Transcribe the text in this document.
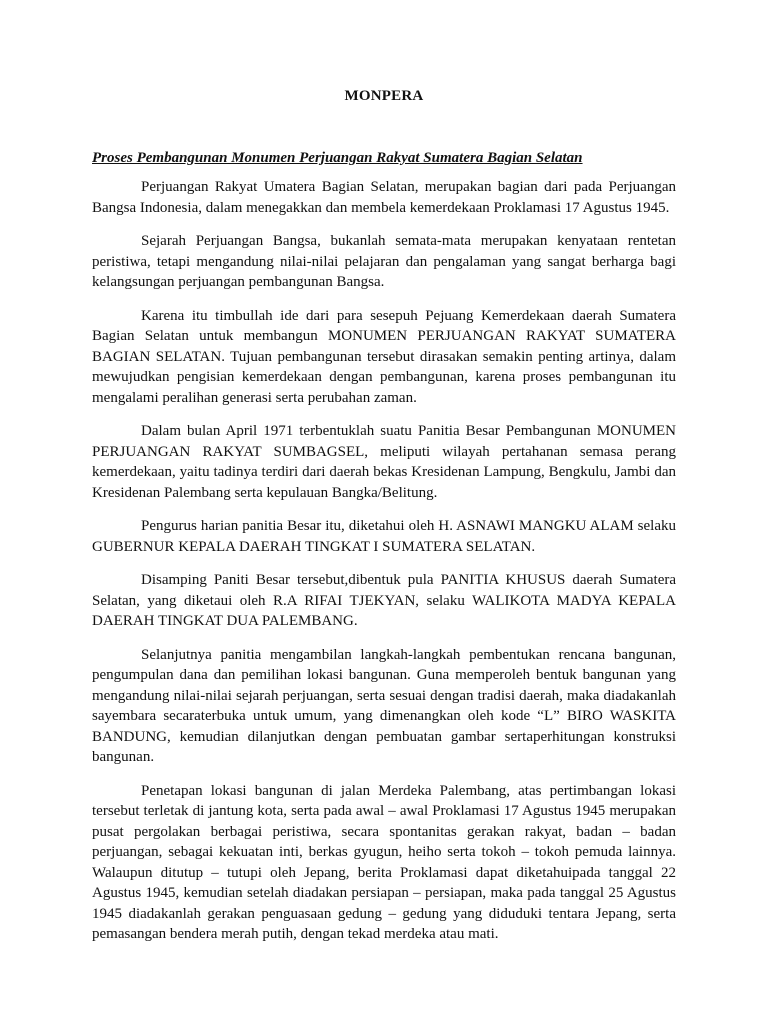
MONPERA
Proses Pembangunan Monumen Perjuangan Rakyat Sumatera Bagian Selatan

Perjuangan Rakyat Umatera Bagian Selatan, merupakan bagian dari pada Perjuangan Bangsa Indonesia, dalam menegakkan dan membela kemerdekaan Proklamasi 17 Agustus 1945.

Sejarah Perjuangan Bangsa, bukanlah semata-mata merupakan kenyataan rentetan peristiwa, tetapi mengandung nilai-nilai pelajaran dan pengalaman yang sangat berharga bagi kelangsungan perjuangan pembangunan Bangsa.

Karena itu timbullah ide dari para sesepuh Pejuang Kemerdekaan daerah Sumatera Bagian Selatan untuk membangun MONUMEN PERJUANGAN RAKYAT SUMATERA BAGIAN SELATAN. Tujuan pembangunan tersebut dirasakan semakin penting artinya, dalam mewujudkan pengisian kemerdekaan dengan pembangunan, karena proses pembangunan itu mengalami peralihan generasi serta perubahan zaman.

Dalam bulan April 1971 terbentuklah suatu Panitia Besar Pembangunan MONUMEN PERJUANGAN RAKYAT SUMBAGSEL, meliputi wilayah pertahanan semasa perang kemerdekaan, yaitu tadinya terdiri dari daerah bekas Kresidenan Lampung, Bengkulu, Jambi dan Kresidenan Palembang serta kepulauan Bangka/Belitung.

Pengurus harian panitia Besar itu, diketahui oleh H. ASNAWI MANGKU ALAM selaku GUBERNUR KEPALA DAERAH TINGKAT I SUMATERA SELATAN.

Disamping Paniti Besar tersebut,dibentuk pula PANITIA KHUSUS daerah Sumatera Selatan, yang diketaui oleh R.A RIFAI TJEKYAN, selaku WALIKOTA MADYA KEPALA DAERAH TINGKAT DUA PALEMBANG.

Selanjutnya panitia mengambilan langkah-langkah pembentukan rencana bangunan, pengumpulan dana dan pemilihan lokasi bangunan. Guna memperoleh bentuk bangunan yang mengandung nilai-nilai sejarah perjuangan, serta sesuai dengan tradisi daerah, maka diadakanlah sayembara secaraterbuka untuk umum, yang dimenangkan oleh kode “L” BIRO WASKITA BANDUNG, kemudian dilanjutkan dengan pembuatan gambar sertaperhitungan konstruksi bangunan.

Penetapan lokasi bangunan di jalan Merdeka Palembang, atas pertimbangan lokasi tersebut terletak di jantung kota, serta pada awal – awal Proklamasi 17 Agustus 1945 merupakan pusat pergolakan berbagai peristiwa, secara spontanitas gerakan rakyat, badan – badan perjuangan, sebagai kekuatan inti, berkas gyugun, heiho serta tokoh – tokoh pemuda lainnya. Walaupun ditutup – tutupi oleh Jepang, berita Proklamasi dapat diketahuipada tanggal 22 Agustus 1945, kemudian setelah diadakan persiapan – persiapan, maka pada tanggal 25 Agustus 1945 diadakanlah gerakan penguasaan gedung – gedung yang diduduki tentara Jepang, serta pemasangan bendera merah putih, dengan tekad merdeka atau mati.
